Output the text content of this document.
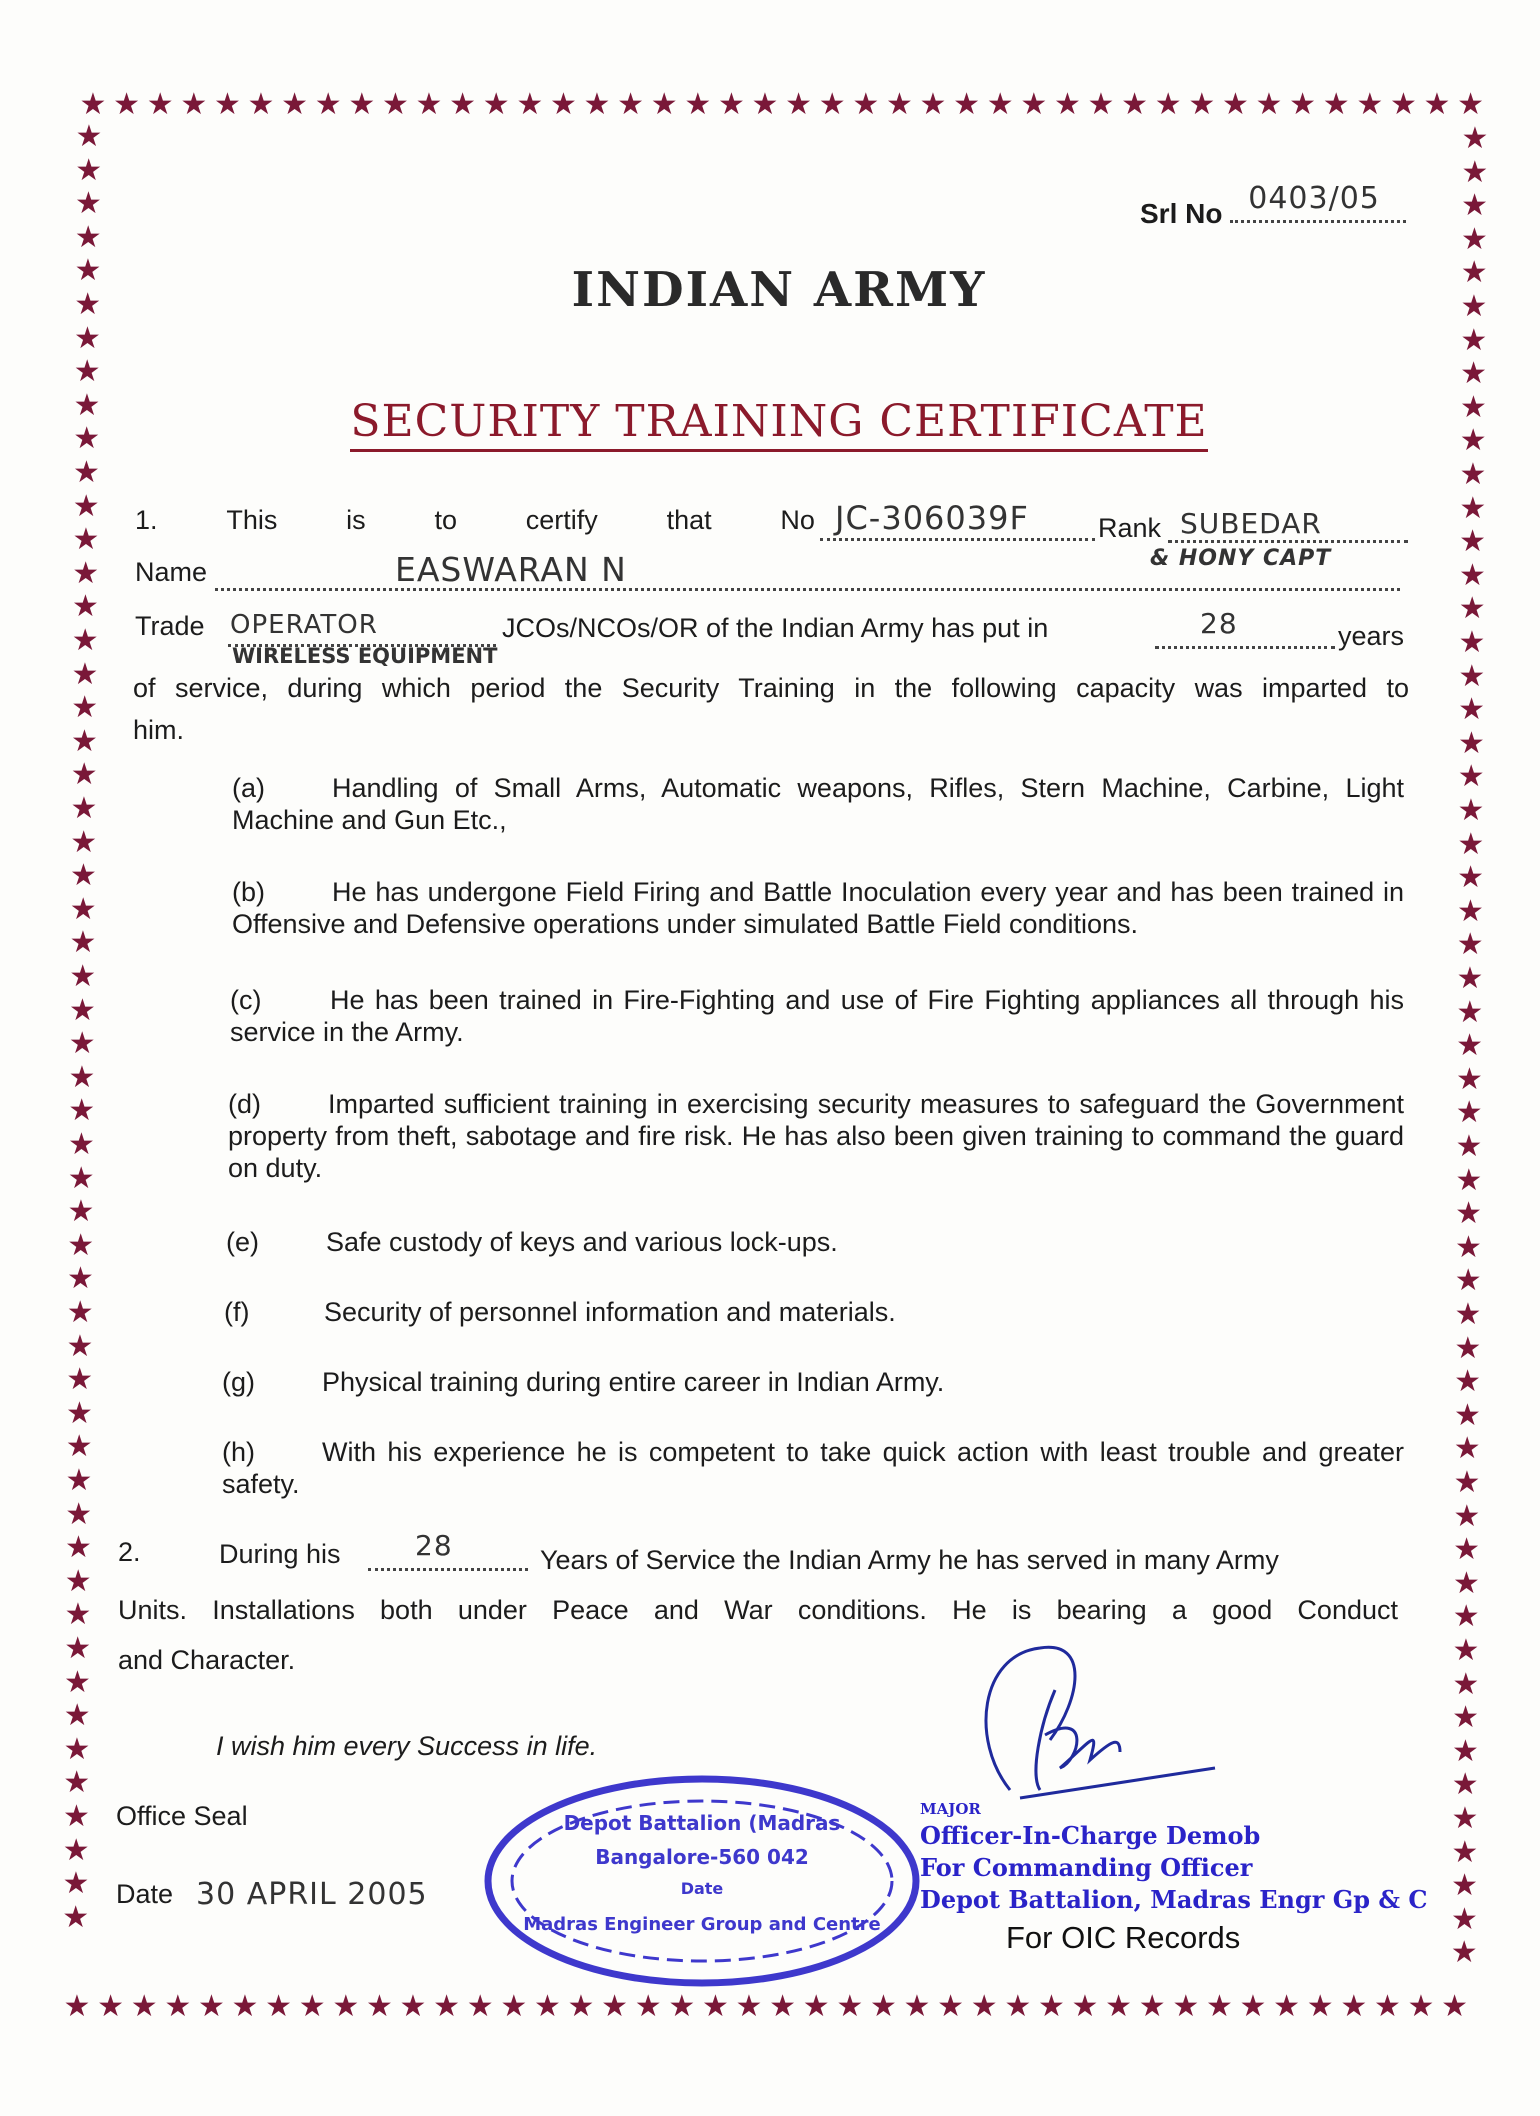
★ ★ ★ ★ ★ ★ ★ ★ ★ ★ ★ ★ ★ ★ ★ ★ ★ ★ ★ ★ ★ ★ ★ ★ ★ ★ ★ ★ ★ ★ ★ ★ ★ ★ ★ ★ ★ ★ ★ ★ ★ ★
★ ★ ★ ★ ★ ★ ★ ★ ★ ★ ★ ★ ★ ★ ★ ★ ★ ★ ★ ★ ★ ★ ★ ★ ★ ★ ★ ★ ★ ★ ★ ★ ★ ★ ★ ★ ★ ★ ★ ★ ★ ★
★
★
★
★
★
★
★
★
★
★
★
★
★
★
★
★
★
★
★
★
★
★
★
★
★
★
★
★
★
★
★
★
★
★
★
★
★
★
★
★
★
★
★
★
★
★
★
★
★
★
★
★
★
★
★
★
★
★
★
★
★
★
★
★
★
★
★
★
★
★
★
★
★
★
★
★
★
★
★
★
★
★
★
★
★
★
★
★
★
★
★
★
★
★
★
★
★
★
★
★
★
★
★
★
★
★
★
★
★
Srl No 0403/05
INDIAN ARMY
SECURITY TRAINING CERTIFICATE
1.	This	is	to	certify	that	No JC-306039F	Rank SUBEDAR
& HONY CAPT
Name	EASWARAN N
Trade OPERATOR
WIRELESS EQUIPMENT
JCOs/NCOs/OR of the Indian Army has put in	28	years
of service, during which period the Security Training in the following capacity was imparted to
him.
(a) Handling of Small Arms, Automatic weapons, Rifles, Stern Machine, Carbine, Light Machine and Gun Etc.,
(b) He has undergone Field Firing and Battle Inoculation every year and has been trained in Offensive and Defensive operations under simulated Battle Field conditions.
(c)	He has been trained in Fire-Fighting and use of Fire Fighting appliances all through his service in the Army.
(d) Imparted sufficient training in exercising security measures to safeguard the Government property from theft, sabotage and fire risk. He has also been given training to command the guard on duty.
(e) Safe custody of keys and various lock-ups.
(f)	Security of personnel information and materials.
(g) Physical training during entire career in Indian Army.
(h) With his experience he is competent to take quick action with least trouble and greater safety.
2.	During his	28	Years of Service the Indian Army he has served in many Army
Units. Installations both under Peace and War conditions. He is bearing a good Conduct
and Character.
I wish him every Success in life.
Office Seal
Date 30 APRIL 2005
Depot Battalion (Madras
Bangalore-560 042
Date
Madras Engineer Group and Centre
MAJOR
Officer-In-Charge Demob
For Commanding Officer
Depot Battalion, Madras Engr Gp & C
For OIC Records
